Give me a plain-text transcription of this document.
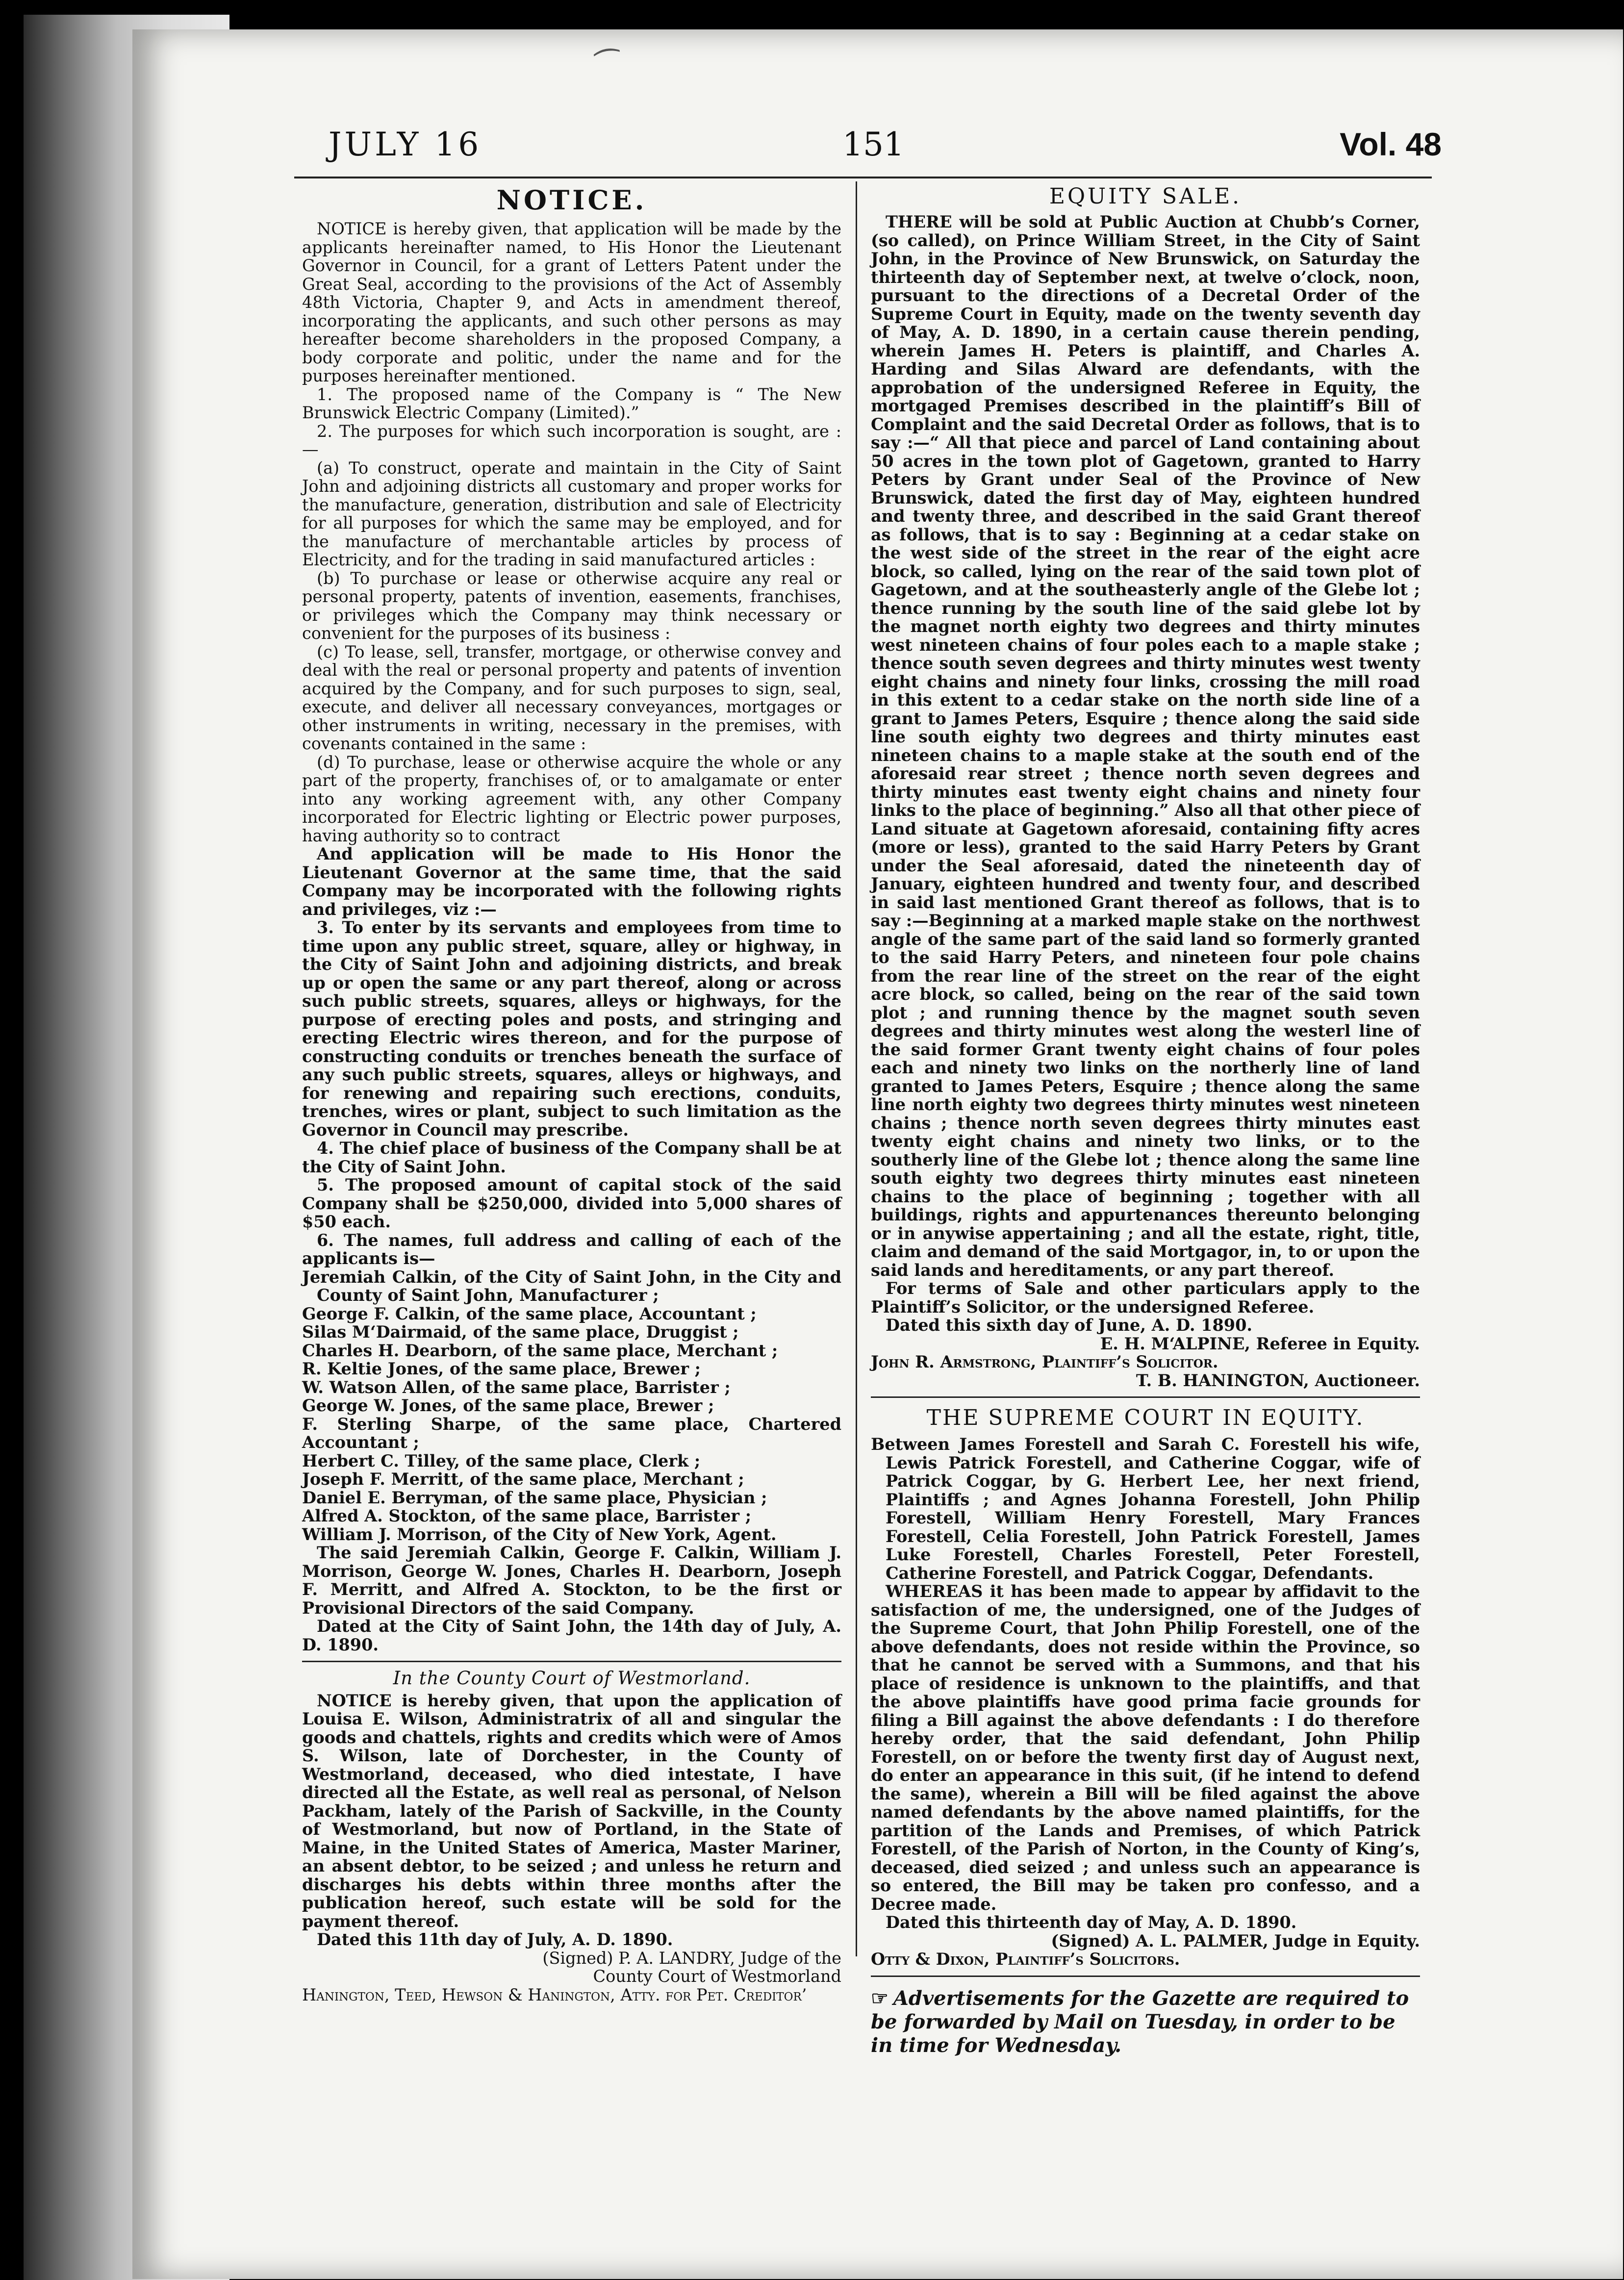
⁀
JULY 16	151	Vol. 48
NOTICE.

NOTICE is hereby given, that application will be made by the applicants hereinafter named, to His Honor the Lieutenant Governor in Council, for a grant of Letters Patent under the Great Seal, according to the provisions of the Act of Assembly 48th Victoria, Chapter 9, and Acts in amendment thereof, incorporating the applicants, and such other persons as may hereafter become shareholders in the proposed Company, a body corporate and politic, under the name and for the purposes hereinafter mentioned.

1. The proposed name of the Company is “ The New Brunswick Electric Company (Limited).”

2. The purposes for which such incorporation is sought, are :—

(a) To construct, operate and maintain in the City of Saint John and adjoining districts all customary and proper works for the manufacture, generation, distribution and sale of Electricity for all purposes for which the same may be employed, and for the manufacture of merchantable articles by process of Electricity, and for the trading in said manufactured articles :

(b) To purchase or lease or otherwise acquire any real or personal property, patents of invention, easements, franchises, or privileges which the Company may think necessary or convenient for the purposes of its business :

(c) To lease, sell, transfer, mortgage, or otherwise convey and deal with the real or personal property and patents of invention acquired by the Company, and for such purposes to sign, seal, execute, and deliver all necessary conveyances, mortgages or other instruments in writing, necessary in the premises, with covenants contained in the same :

(d) To purchase, lease or otherwise acquire the whole or any part of the property, franchises of, or to amalgamate or enter into any working agreement with, any other Company incorporated for Electric lighting or Electric power purposes, having authority so to contract

And application will be made to His Honor the Lieutenant Governor at the same time, that the said Company may be incorporated with the following rights and privileges, viz :—

3. To enter by its servants and employees from time to time upon any public street, square, alley or highway, in the City of Saint John and adjoining districts, and break up or open the same or any part thereof, along or across such public streets, squares, alleys or highways, for the purpose of erecting poles and posts, and stringing and erecting Electric wires thereon, and for the purpose of constructing conduits or trenches beneath the surface of any such public streets, squares, alleys or highways, and for renewing and repairing such erections, conduits, trenches, wires or plant, subject to such limitation as the Governor in Council may prescribe.

4. The chief place of business of the Company shall be at the City of Saint John.

5. The proposed amount of capital stock of the said Company shall be $250,000, divided into 5,000 shares of $50 each.

6. The names, full address and calling of each of the applicants is—

Jeremiah Calkin, of the City of Saint John, in the City and County of Saint John, Manufacturer ;

George F. Calkin, of the same place, Accountant ;

Silas M‘Dairmaid, of the same place, Druggist ;

Charles H. Dearborn, of the same place, Merchant ;

R. Keltie Jones, of the same place, Brewer ;

W. Watson Allen, of the same place, Barrister ;

George W. Jones, of the same place, Brewer ;

F. Sterling Sharpe, of the same place, Chartered Accountant ;

Herbert C. Tilley, of the same place, Clerk ;

Joseph F. Merritt, of the same place, Merchant ;

Daniel E. Berryman, of the same place, Physician ;

Alfred A. Stockton, of the same place, Barrister ;

William J. Morrison, of the City of New York, Agent.

The said Jeremiah Calkin, George F. Calkin, William J. Morrison, George W. Jones, Charles H. Dearborn, Joseph F. Merritt, and Alfred A. Stockton, to be the first or Provisional Directors of the said Company.

Dated at the City of Saint John, the 14th day of July, A. D. 1890.

In the County Court of Westmorland.

NOTICE is hereby given, that upon the application of Louisa E. Wilson, Administratrix of all and singular the goods and chattels, rights and credits which were of Amos S. Wilson, late of Dorchester, in the County of Westmorland, deceased, who died intestate, I have directed all the Estate, as well real as personal, of Nelson Packham, lately of the Parish of Sackville, in the County of Westmorland, but now of Portland, in the State of Maine, in the United States of America, Master Mariner, an absent debtor, to be seized ; and unless he return and discharges his debts within three months after the publication hereof, such estate will be sold for the payment thereof.

Dated this 11th day of July, A. D. 1890.

(Signed) P. A. LANDRY, Judge of the

County Court of Westmorland

Hanington, Teed, Hewson & Hanington, Atty. for Pet. Creditor’

EQUITY SALE.

THERE will be sold at Public Auction at Chubb’s Corner, (so called), on Prince William Street, in the City of Saint John, in the Province of New Brunswick, on Saturday the thirteenth day of September next, at twelve o’clock, noon, pursuant to the directions of a Decretal Order of the Supreme Court in Equity, made on the twenty seventh day of May, A. D. 1890, in a certain cause therein pending, wherein James H. Peters is plaintiff, and Charles A. Harding and Silas Alward are defendants, with the approbation of the undersigned Referee in Equity, the mortgaged Premises described in the plaintiff’s Bill of Complaint and the said Decretal Order as follows, that is to say :—“ All that piece and parcel of Land containing about 50 acres in the town plot of Gagetown, granted to Harry Peters by Grant under Seal of the Province of New Brunswick, dated the first day of May, eighteen hundred and twenty three, and described in the said Grant thereof as follows, that is to say : Beginning at a cedar stake on the west side of the street in the rear of the eight acre block, so called, lying on the rear of the said town plot of Gagetown, and at the southeasterly angle of the Glebe lot ; thence running by the south line of the said glebe lot by the magnet north eighty two degrees and thirty minutes west nineteen chains of four poles each to a maple stake ; thence south seven degrees and thirty minutes west twenty eight chains and ninety four links, crossing the mill road in this extent to a cedar stake on the north side line of a grant to James Peters, Esquire ; thence along the said side line south eighty two degrees and thirty minutes east nineteen chains to a maple stake at the south end of the aforesaid rear street ; thence north seven degrees and thirty minutes east twenty eight chains and ninety four links to the place of beginning.” Also all that other piece of Land situate at Gagetown aforesaid, containing fifty acres (more or less), granted to the said Harry Peters by Grant under the Seal aforesaid, dated the nineteenth day of January, eighteen hundred and twenty four, and described in said last mentioned Grant thereof as follows, that is to say :—Beginning at a marked maple stake on the northwest angle of the same part of the said land so formerly granted to the said Harry Peters, and nineteen four pole chains from the rear line of the street on the rear of the eight acre block, so called, being on the rear of the said town plot ; and running thence by the magnet south seven degrees and thirty minutes west along the westerl line of the said former Grant twenty eight chains of four poles each and ninety two links on the northerly line of land granted to James Peters, Esquire ; thence along the same line north eighty two degrees thirty minutes west nineteen chains ; thence north seven degrees thirty minutes east twenty eight chains and ninety two links, or to the southerly line of the Glebe lot ; thence along the same line south eighty two degrees thirty minutes east nineteen chains to the place of beginning ; together with all buildings, rights and appurtenances thereunto belonging or in anywise appertaining ; and all the estate, right, title, claim and demand of the said Mortgagor, in, to or upon the said lands and hereditaments, or any part thereof.

For terms of Sale and other particulars apply to the Plaintiff’s Solicitor, or the undersigned Referee.

Dated this sixth day of June, A. D. 1890.

E. H. M‘ALPINE, Referee in Equity.

John R. Armstrong, Plaintiff’s Solicitor.

T. B. HANINGTON, Auctioneer.

THE SUPREME COURT IN EQUITY.

Between James Forestell and Sarah C. Forestell his wife, Lewis Patrick Forestell, and Catherine Coggar, wife of Patrick Coggar, by G. Herbert Lee, her next friend, Plaintiffs ; and Agnes Johanna Forestell, John Philip Forestell, William Henry Forestell, Mary Frances Forestell, Celia Forestell, John Patrick Forestell, James Luke Forestell, Charles Forestell, Peter Forestell, Catherine Forestell, and Patrick Coggar, Defendants.

WHEREAS it has been made to appear by affidavit to the satisfaction of me, the undersigned, one of the Judges of the Supreme Court, that John Philip Forestell, one of the above defendants, does not reside within the Province, so that he cannot be served with a Summons, and that his place of residence is unknown to the plaintiffs, and that the above plaintiffs have good prima facie grounds for filing a Bill against the above defendants : I do therefore hereby order, that the said defendant, John Philip Forestell, on or before the twenty first day of August next, do enter an appearance in this suit, (if he intend to defend the same), wherein a Bill will be filed against the above named defendants by the above named plaintiffs, for the partition of the Lands and Premises, of which Patrick Forestell, of the Parish of Norton, in the County of King’s, deceased, died seized ; and unless such an appearance is so entered, the Bill may be taken pro confesso, and a Decree made.

Dated this thirteenth day of May, A. D. 1890.

(Signed) A. L. PALMER, Judge in Equity.

Otty & Dixon, Plaintiff’s Solicitors.

☞ Advertisements for the Gazette are required to be forwarded by Mail on Tuesday, in order to be in time for Wednesday.
